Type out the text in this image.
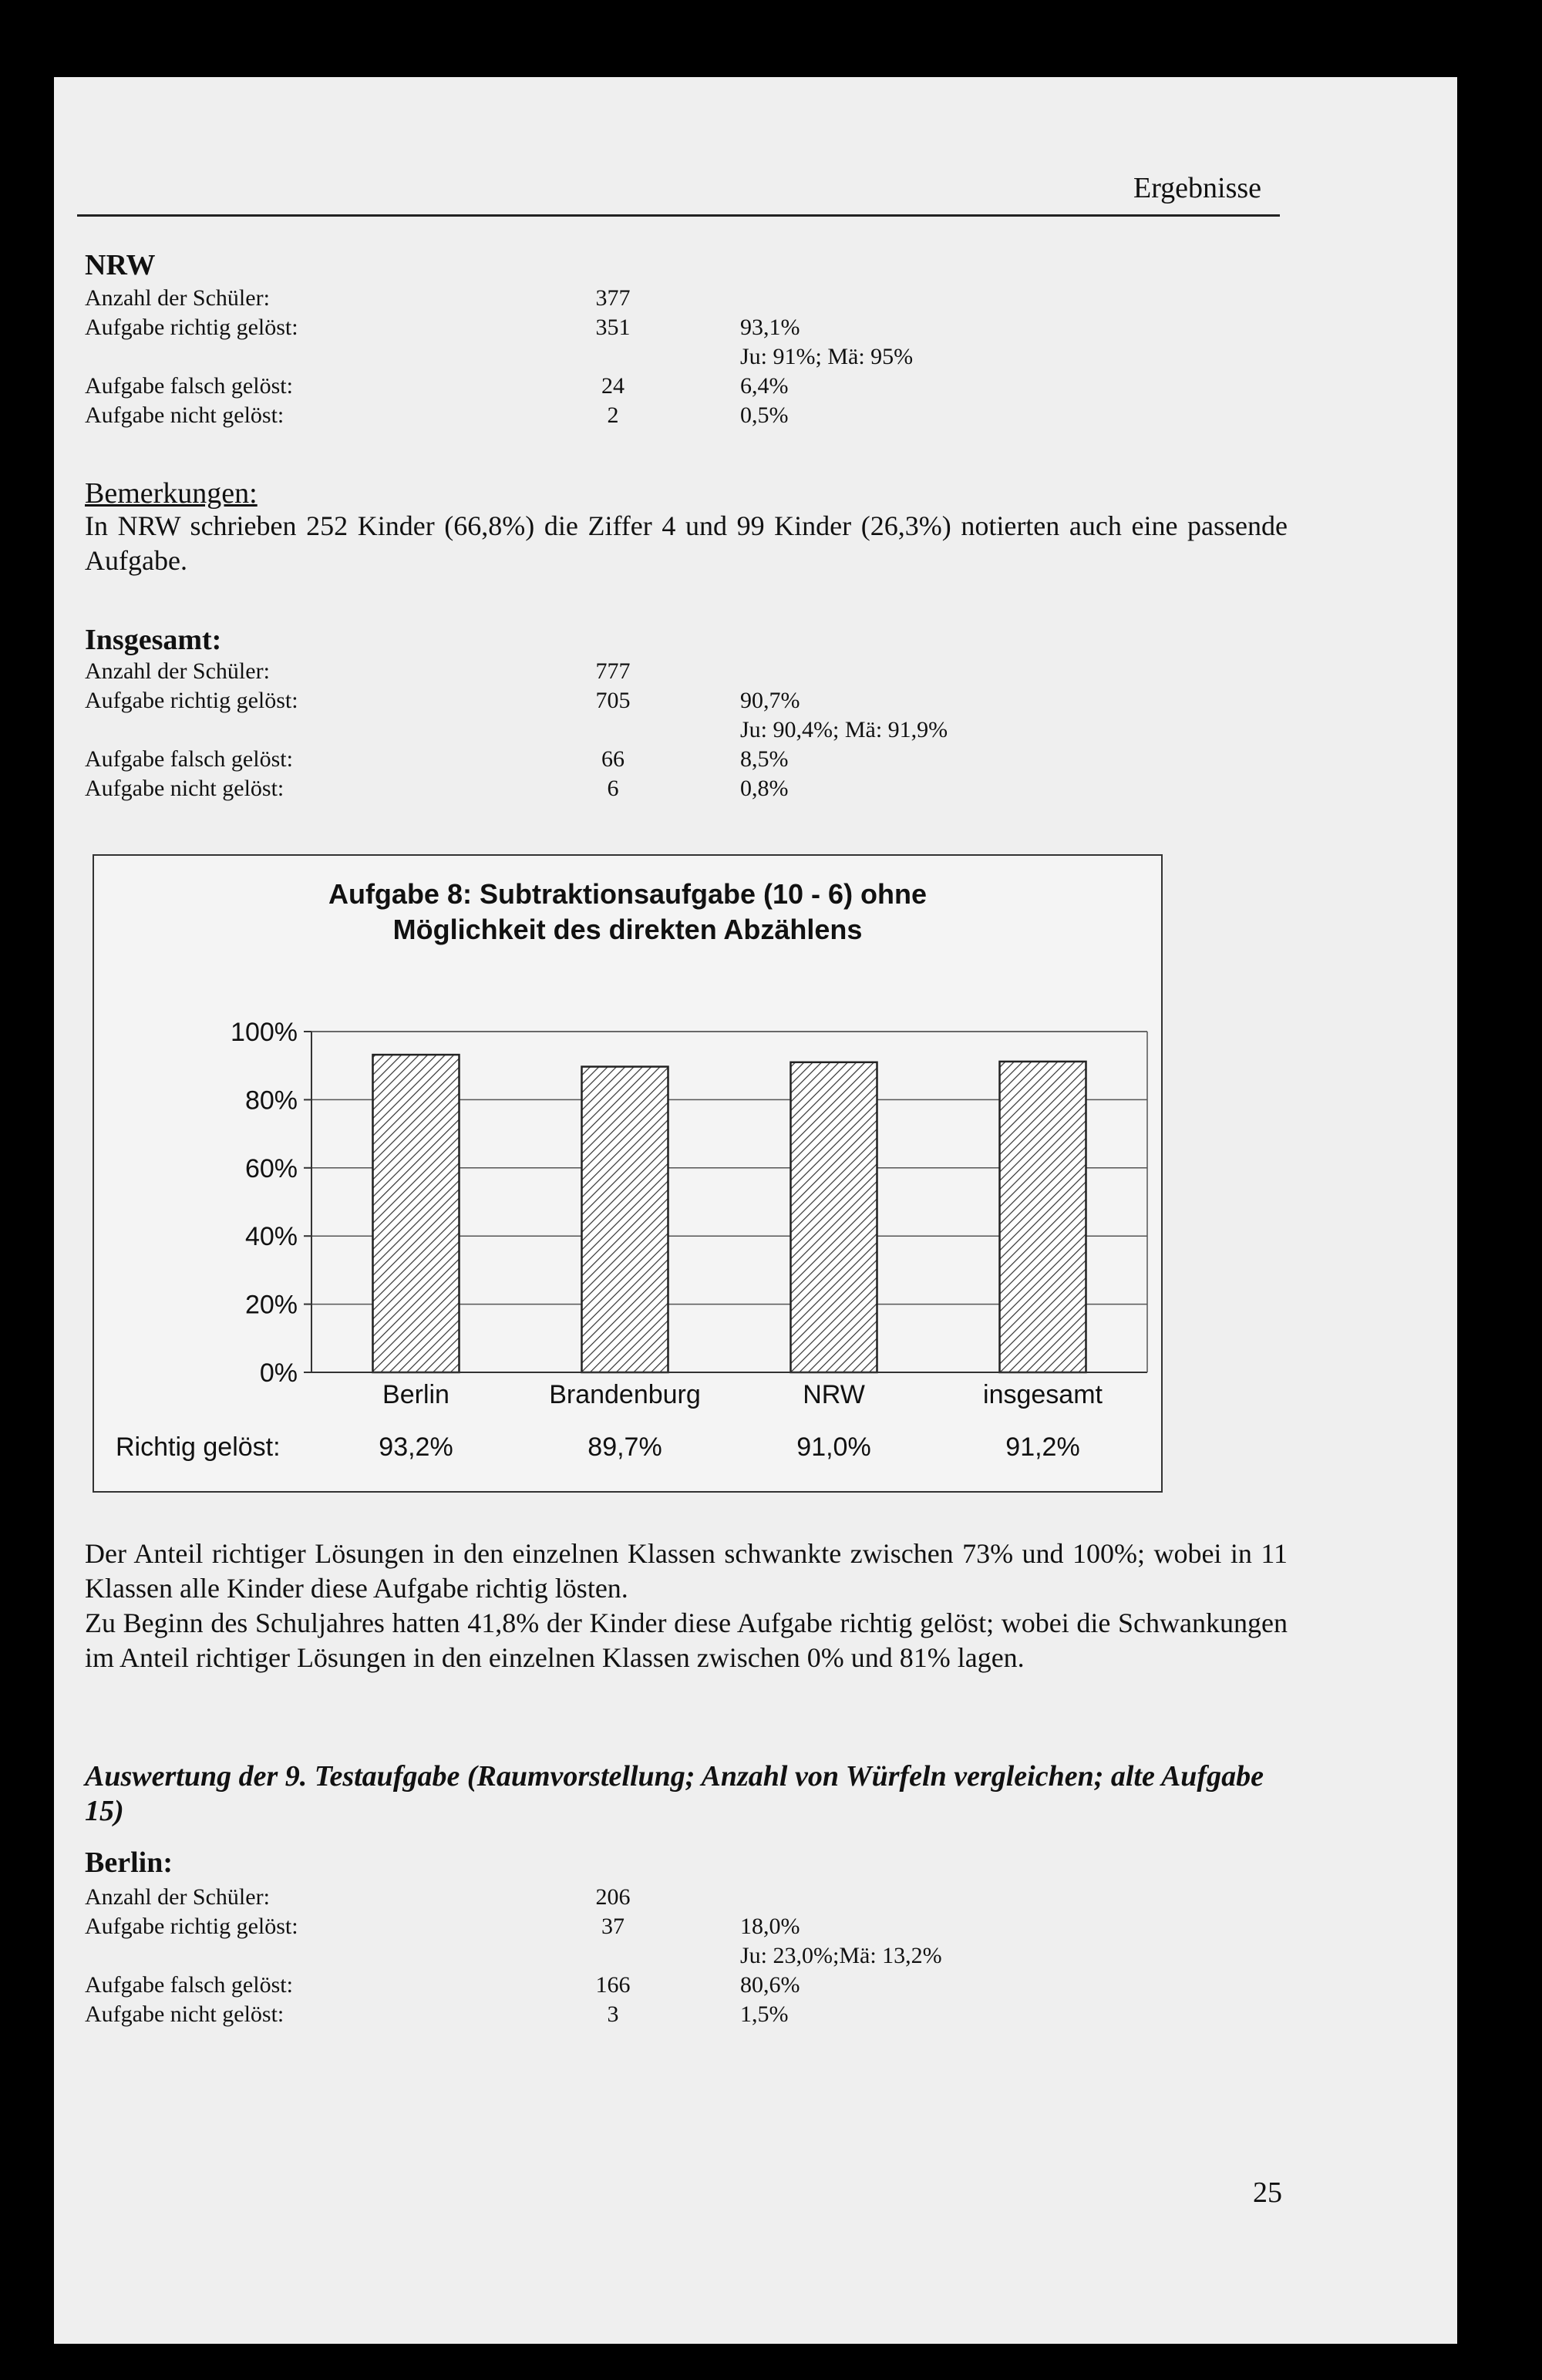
Ergebnisse
NRW
Anzahl der Schüler:	377
Aufgabe richtig gelöst:	351	93,1%
Ju: 91%; Mä: 95%
Aufgabe falsch gelöst:	24	6,4%
Aufgabe nicht gelöst:	2	0,5%
Bemerkungen:
In NRW schrieben 252 Kinder (66,8%) die Ziffer 4 und 99 Kinder (26,3%) notierten auch eine passende Aufgabe.
Insgesamt:
Anzahl der Schüler:	777
Aufgabe richtig gelöst:	705	90,7%
Ju: 90,4%; Mä: 91,9%
Aufgabe falsch gelöst:	66	8,5%
Aufgabe nicht gelöst:	6	0,8%
Aufgabe 8: Subtraktionsaufgabe (10 - 6) ohne
Möglichkeit des direkten Abzählens
0%
20%
40%
60%
80%
100%
Berlin
93,2%
Brandenburg
89,7%
NRW
91,0%
insgesamt
91,2%
Richtig gelöst:
Der Anteil richtiger Lösungen in den einzelnen Klassen schwankte zwischen 73% und 100%; wobei in 11 Klassen alle Kinder diese Aufgabe richtig lösten.
Zu Beginn des Schuljahres hatten 41,8% der Kinder diese Aufgabe richtig gelöst; wobei die Schwankungen im Anteil richtiger Lösungen in den einzelnen Klassen zwischen 0% und 81% lagen.
Auswertung der 9. Testaufgabe (Raumvorstellung; Anzahl von Würfeln vergleichen; alte Aufgabe 15)
Berlin:
Anzahl der Schüler:	206
Aufgabe richtig gelöst:	37	18,0%
Ju: 23,0%;Mä: 13,2%
Aufgabe falsch gelöst:	166	80,6%
Aufgabe nicht gelöst:	3	1,5%
25
